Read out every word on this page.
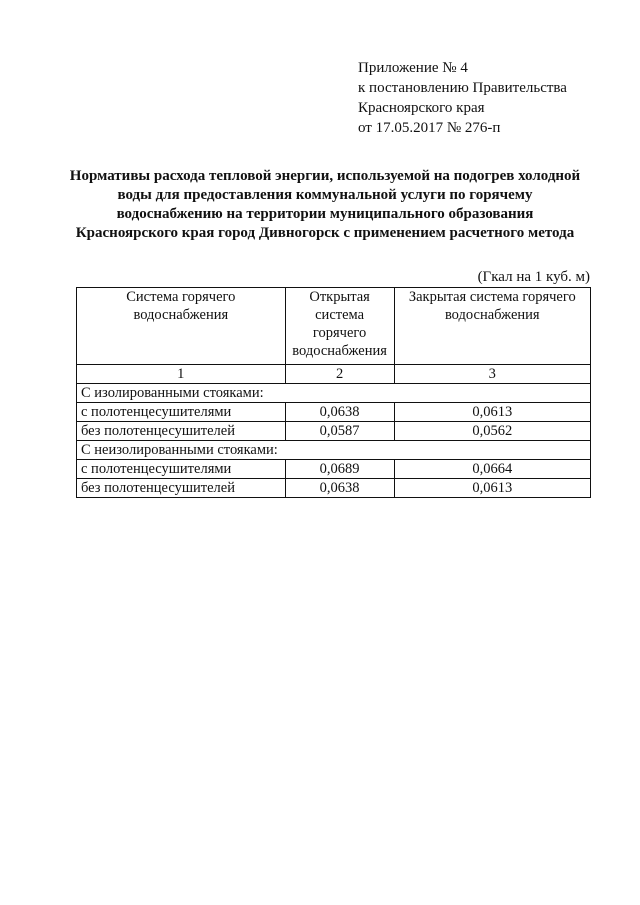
Приложение № 4
к постановлению Правительства
Красноярского края
от 17.05.2017 № 276-п
Нормативы расхода тепловой энергии, используемой на подогрев холодной
воды для предоставления коммунальной услуги по горячему
водоснабжению на территории муниципального образования
Красноярского края город Дивногорск с применением расчетного метода
(Гкал на 1 куб. м)
Система горячего водоснабжения	Открытая система горячего водоснабжения	Закрытая система горячего водоснабжения
1	2	3
С изолированными стояками:		
с полотенцесушителями	0,0638	0,0613
без полотенцесушителей	0,0587	0,0562
С неизолированными стояками:		
с полотенцесушителями	0,0689	0,0664
без полотенцесушителей	0,0638	0,0613
